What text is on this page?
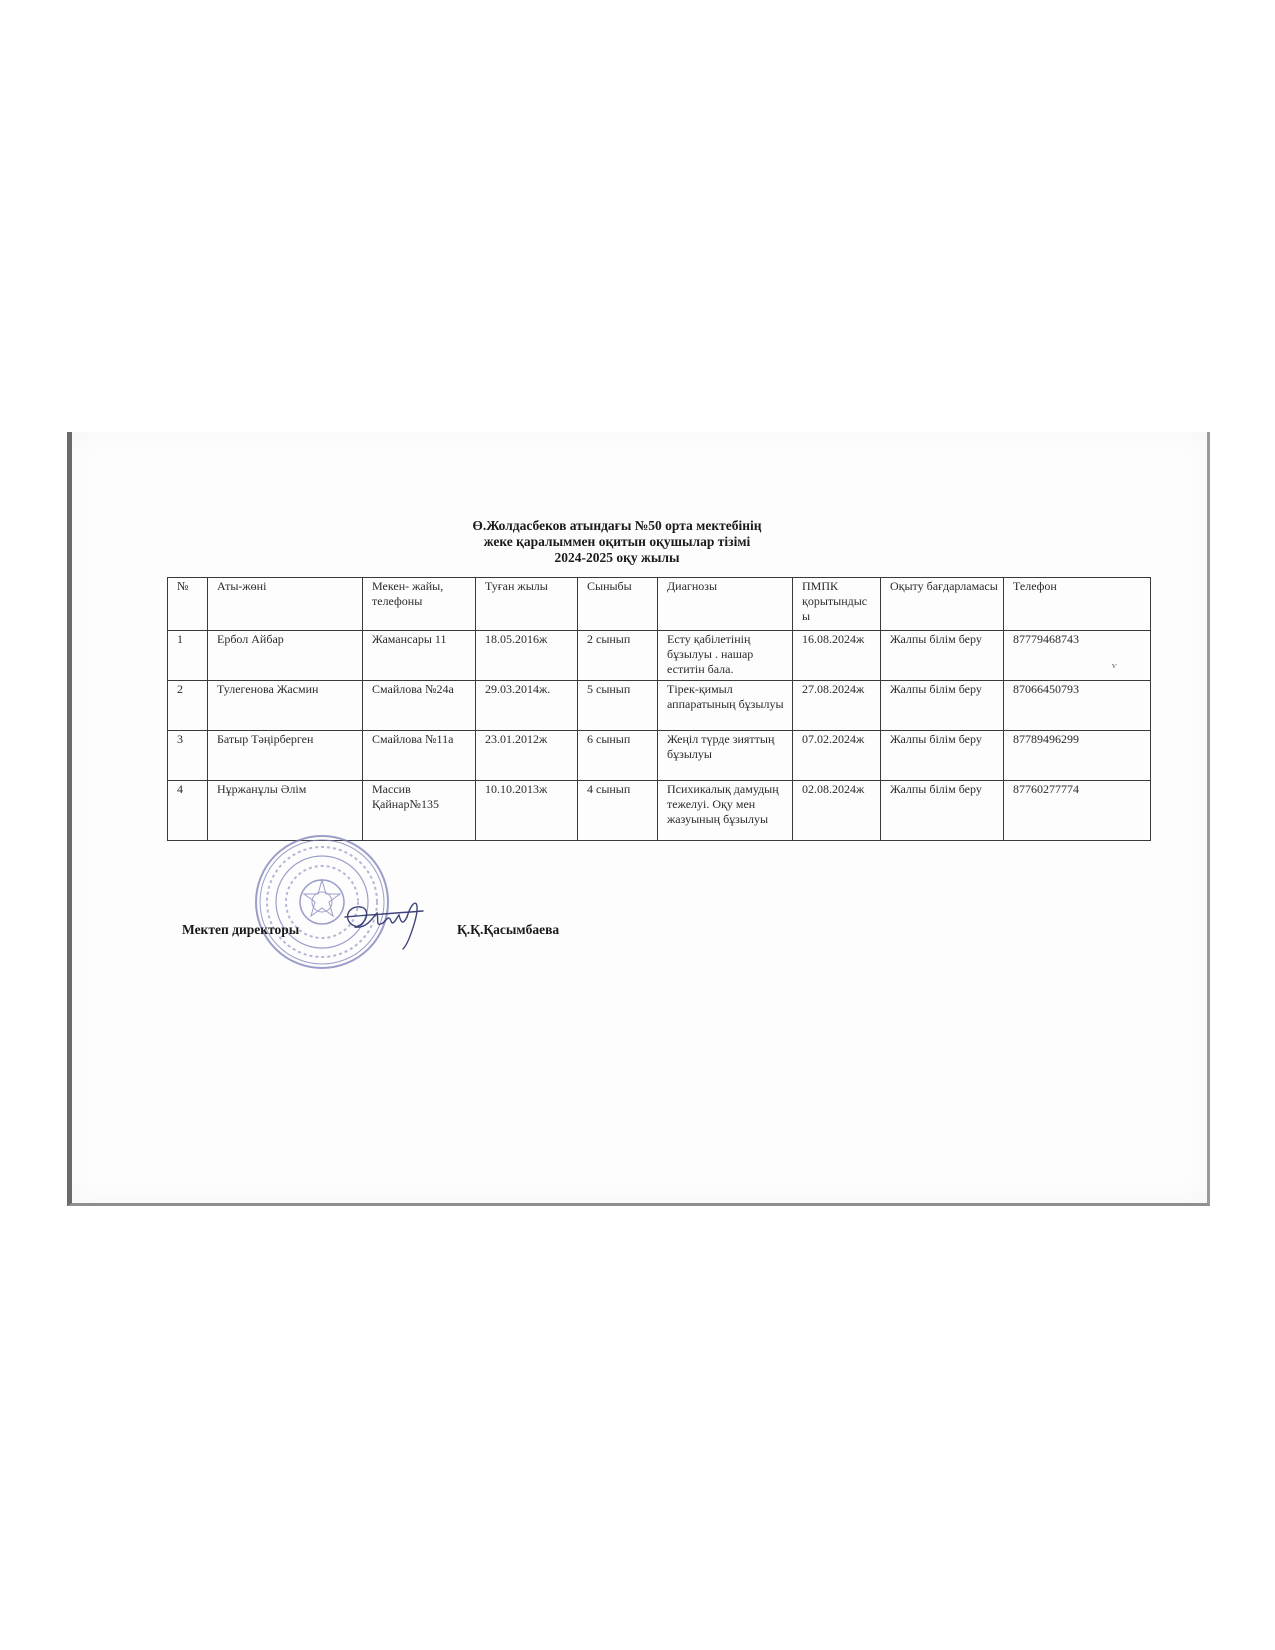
Ө.Жолдасбеков атындағы №50 орта мектебінің
жеке қаралыммен оқитын оқушылар тізімі
2024-2025 оқу жылы
№	Аты-жөні	Мекен- жайы, телефоны	Туған жылы	Сыныбы	Диагнозы	ПМПК қорытындыс ы	Оқыту бағдарламасы	Телефон
1	Ербол Айбар	Жамансары 11	18.05.2016ж	2 сынып	Есту қабілетінің бұзылуы . нашар еститін бала.	16.08.2024ж	Жалпы білім беру	87779468743
2	Тулегенова Жасмин	Смайлова №24а	29.03.2014ж.	5 сынып	Тірек-қимыл аппаратының бұзылуы	27.08.2024ж	Жалпы білім беру	87066450793
3	Батыр Тәңірберген	Смайлова №11а	23.01.2012ж	6 сынып	Жеңіл түрде зияттың бұзылуы	07.02.2024ж	Жалпы білім беру	87789496299
4	Нұржанұлы Әлім	Массив Қайнар№135	10.10.2013ж	4 сынып	Психикалық дамудың тежелуі. Оқу мен жазуының бұзылуы	02.08.2024ж	Жалпы білім беру	87760277774
ѵ
Мектеп директоры	Қ.Қ.Қасымбаева
